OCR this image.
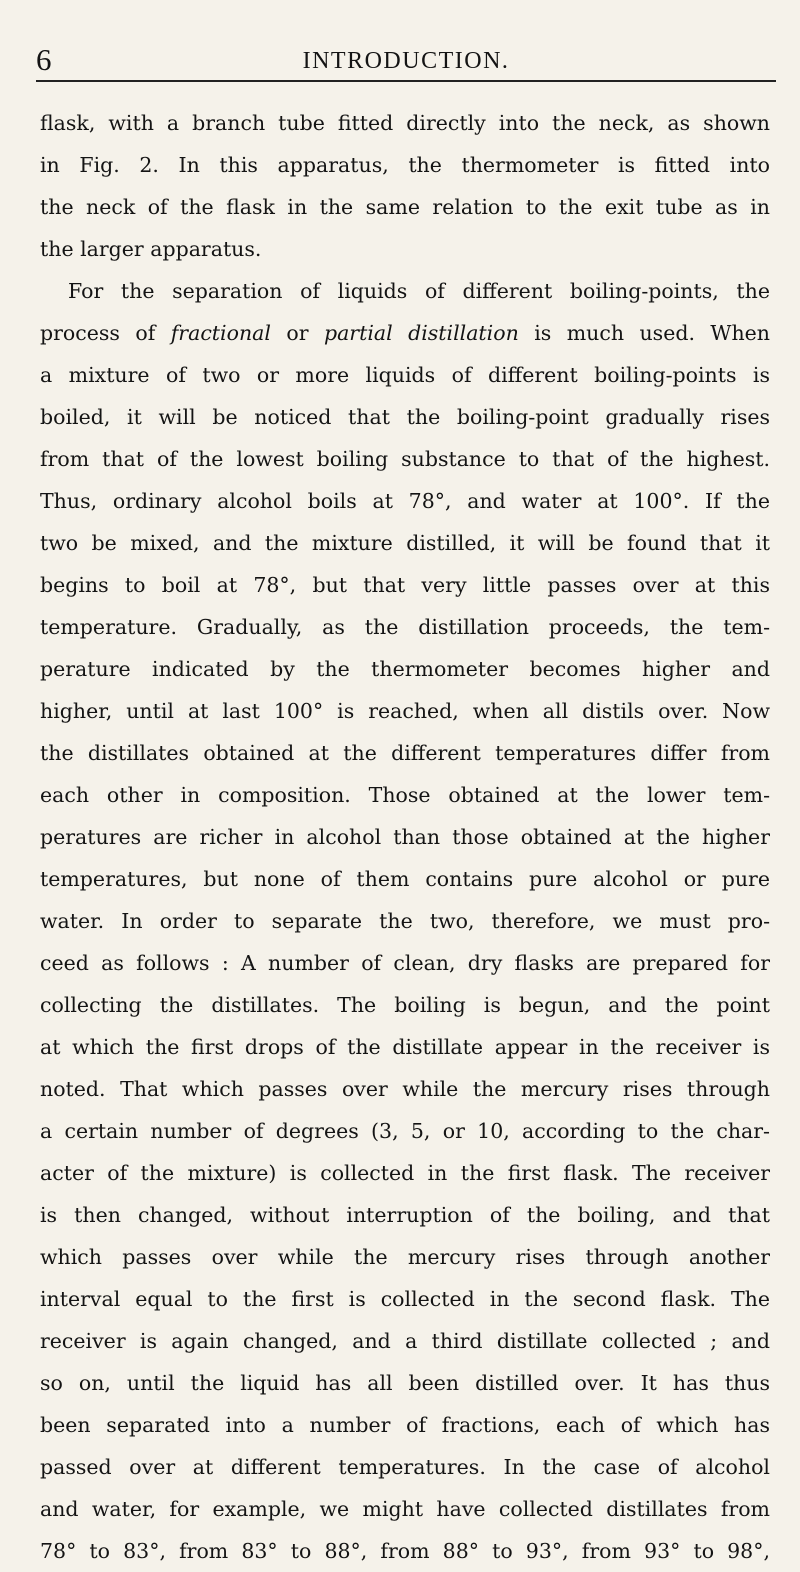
6	INTRODUCTION.
flask, with a branch tube fitted directly into the neck, as shown
in Fig. 2. In this apparatus, the thermometer is fitted into
the neck of the flask in the same relation to the exit tube as in
the larger apparatus.
For the separation of liquids of different boiling-points, the
process of fractional or partial distillation is much used. When
a mixture of two or more liquids of different boiling-points is
boiled, it will be noticed that the boiling-point gradually rises
from that of the lowest boiling substance to that of the highest.
Thus, ordinary alcohol boils at 78°, and water at 100°. If the
two be mixed, and the mixture distilled, it will be found that it
begins to boil at 78°, but that very little passes over at this
temperature. Gradually, as the distillation proceeds, the tem-
perature indicated by the thermometer becomes higher and
higher, until at last 100° is reached, when all distils over. Now
the distillates obtained at the different temperatures differ from
each other in composition. Those obtained at the lower tem-
peratures are richer in alcohol than those obtained at the higher
temperatures, but none of them contains pure alcohol or pure
water. In order to separate the two, therefore, we must pro-
ceed as follows : A number of clean, dry flasks are prepared for
collecting the distillates. The boiling is begun, and the point
at which the first drops of the distillate appear in the receiver is
noted. That which passes over while the mercury rises through
a certain number of degrees (3, 5, or 10, according to the char-
acter of the mixture) is collected in the first flask. The receiver
is then changed, without interruption of the boiling, and that
which passes over while the mercury rises through another
interval equal to the first is collected in the second flask. The
receiver is again changed, and a third distillate collected ; and
so on, until the liquid has all been distilled over. It has thus
been separated into a number of fractions, each of which has
passed over at different temperatures. In the case of alcohol
and water, for example, we might have collected distillates from
78° to 83°, from 83° to 88°, from 88° to 93°, from 93° to 98°,
